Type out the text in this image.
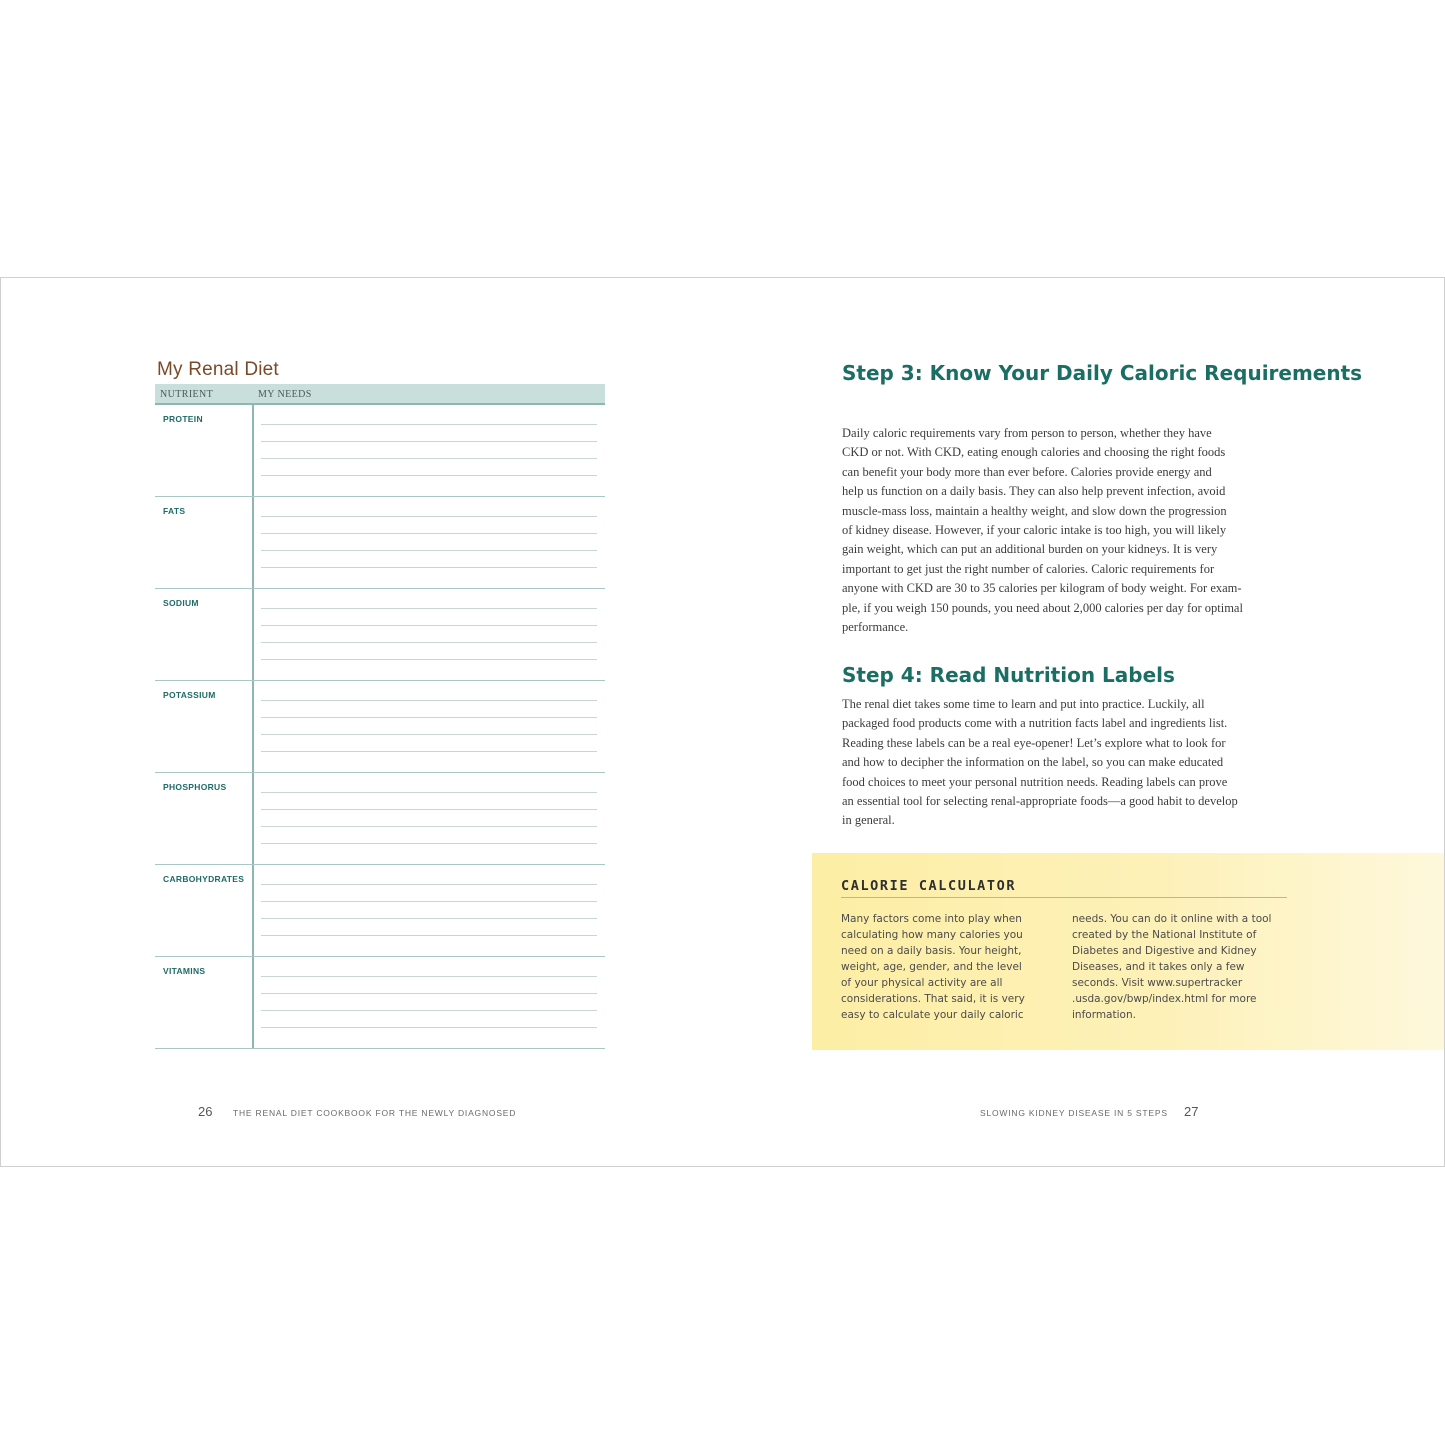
My Renal Diet
NUTRIENT	MY NEEDS
PROTEIN
FATS
SODIUM
POTASSIUM
PHOSPHORUS
CARBOHYDRATES
VITAMINS
26 THE RENAL DIET COOKBOOK FOR THE NEWLY DIAGNOSED
Step 3: Know Your Daily Caloric Requirements

Daily caloric requirements vary from person to person, whether they have
CKD or not. With CKD, eating enough calories and choosing the right foods
can benefit your body more than ever before. Calories provide energy and
help us function on a daily basis. They can also help prevent infection, avoid
muscle-mass loss, maintain a healthy weight, and slow down the progression
of kidney disease. However, if your caloric intake is too high, you will likely
gain weight, which can put an additional burden on your kidneys. It is very
important to get just the right number of calories. Caloric requirements for
anyone with CKD are 30 to 35 calories per kilogram of body weight. For exam-
ple, if you weigh 150 pounds, you need about 2,000 calories per day for optimal
performance.

Step 4: Read Nutrition Labels

The renal diet takes some time to learn and put into practice. Luckily, all
packaged food products come with a nutrition facts label and ingredients list.
Reading these labels can be a real eye-opener! Let’s explore what to look for
and how to decipher the information on the label, so you can make educated
food choices to meet your personal nutrition needs. Reading labels can prove
an essential tool for selecting renal-appropriate foods—a good habit to develop
in general.

CALORIE CALCULATOR

Many factors come into play when
calculating how many calories you
need on a daily basis. Your height,
weight, age, gender, and the level
of your physical activity are all
considerations. That said, it is very
easy to calculate your daily caloric

needs. You can do it online with a tool
created by the National Institute of
Diabetes and Digestive and Kidney
Diseases, and it takes only a few
seconds. Visit www.supertracker
.usda.gov/bwp/index.html for more
information.

SLOWING KIDNEY DISEASE IN 5 STEPS 27
